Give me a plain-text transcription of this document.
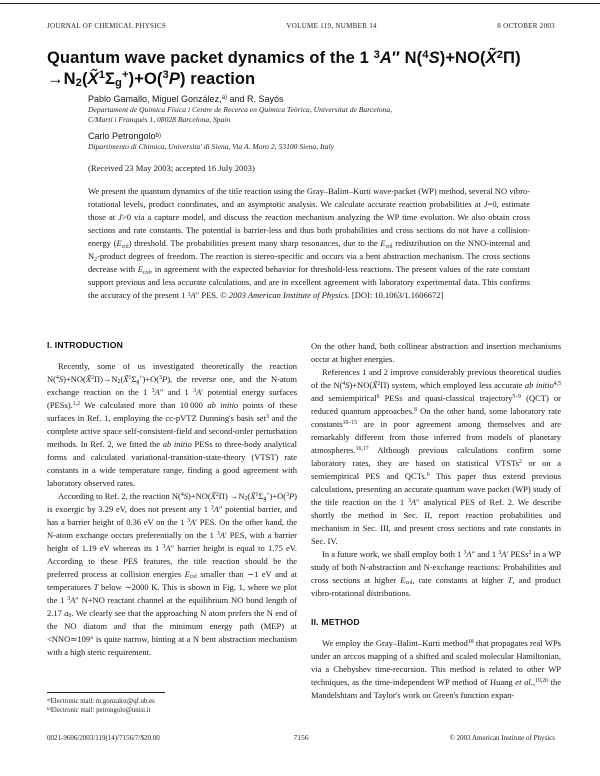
JOURNAL OF CHEMICAL PHYSICS	VOLUME 119, NUMBER 14	8 OCTOBER 2003
Quantum wave packet dynamics of the 1 $^3$A″ N($^4$S)+NO(X̃$^2$Π)
$\to N_2(X̃^1\Sigma_g^+)+O(^3P)$ reaction

Pablo Gamallo, Miguel González,$^{a)}$ and R. Sayós

Departament de Química Física i Centre de Recerca en Química Teòrica, Universitat de Barcelona,

C/Martí i Franquès 1, 08028 Barcelona, Spain

Carlo Petrongolo$^{b)}$

Dipartimento di Chimica, Universita' di Siena, Via A. Moro 2, 53100 Siena, Italy

(Received 23 May 2003; accepted 16 July 2003)

We present the quantum dynamics of the title reaction using the Gray–Balint–Kurti wave-packet (WP) method, several NO vibro-rotational levels, product coordinates, and an asymptotic analysis. We calculate accurate reaction probabilities at J=0, estimate those at J>0 via a capture model, and discuss the reaction mechanism analyzing the WP time evolution. We also obtain cross sections and rate constants. The potential is barrier-less and thus both probabilities and cross sections do not have a collision-energy $(E_{col})$ threshold. The probabilities present many sharp resonances, due to the $E_{col}$ redistribution on the NNO-internal and $N_2$-product degrees of freedom. The reaction is stereo-specific and occurs via a bent abstraction mechanism. The cross sections decrease with $E_{col}$, in agreement with the expected behavior for threshold-less reactions. The present values of the rate constant support previous and less accurate calculations, and are in excellent agreement with laboratory experimental data. This confirms the accuracy of the present 1 $^3$A″ PES. © 2003 American Institute of Physics. [DOI: 10.1063/1.1606672]

I. INTRODUCTION

Recently, some of us investigated theoretically the reaction $N(^4S)+NO(X̃^2\Pi)\to N_2(X̃^1\Sigma_g^+)+O(^3P)$, the reverse one, and the N-atom exchange reaction on the 1 $^3$A″ and 1 $^3$A′ potential energy surfaces (PESs).$^{1,2}$ We calculated more than 10 000 ab initio points of these surfaces in Ref. 1, employing the cc-pVTZ Dunning's basis set$^3$ and the complete active space self-consistent-field and second-order perturbation methods. In Ref. 2, we fitted the ab initio PESs to three-body analytical forms and calculated variational-transition-state-theory (VTST) rate constants in a wide temperature range, finding a good agreement with laboratory observed rates.

According to Ref. 2, the reaction N($^4$S)+NO(X̃$^2$Π) $\to N_2(X̃^1\Sigma_g^+)+O(^3P)$ is exoergic by 3.29 eV, does not present any 1 $^3$A″ potential barrier, and has a barrier height of 0.36 eV on the 1 $^3$A′ PES. On the other hand, the N-atom exchange occurs preferentially on the 1 $^3$A′ PES, with a barrier height of 1.19 eV whereas its 1 $^3$A″ barrier height is equal to 1.75 eV. According to these PES features, the title reaction should be the preferred process at collision energies $E_{col}$ smaller than ∼1 eV and at temperatures T below ∼2000 K. This is shown in Fig. 1, where we plot the 1 $^3$A″ N+NO reactant channel at the equilibrium NO bond length of 2.17 $a_0$. We clearly see that the approaching N atom prefers the N end of the NO diatom and that the minimum energy path (MEP) at <NNO≃109° is quite narrow, hinting at a N bent abstraction mechanism with a high steric requirement.

On the other hand, both collinear abstraction and insertion mechanisms occur at higher energies.

References 1 and 2 improve considerably previous theoretical studies of the N($^4$S)+NO(X̃$^2$Π) system, which employed less accurate ab initio$^{4,5}$ and semiempirical$^6$ PESs and quasi-classical trajectory$^{5-9}$ (QCT) or reduced quantum approaches.$^8$ On the other hand, some laboratory rate constants$^{10-15}$ are in poor agreement among themselves and are remarkably different from those inferred from models of planetary atmospheres.$^{16,17}$ Although previous calculations confirm some laboratory rates, they are based on statistical VTSTs$^2$ or on a semiempirical PES and QCTs.$^6$ This paper thus extend previous calculations, presenting an accurate quantum wave packet (WP) study of the title reaction on the 1 $^3$A″ analytical PES of Ref. 2. We describe shortly the method in Sec. II, report reaction probabilities and mechanism in Sec. III, and present cross sections and rate constants in Sec. IV.

In a future work, we shall employ both 1 $^3$A″ and 1 $^3$A′ PESs$^2$ in a WP study of both N-abstraction and N-exchange reactions: Probabilities and cross sections at higher $E_{col}$, rate constants at higher T, and product vibro-rotational distributions.

II. METHOD

We employ the Gray–Balint–Kurti method$^{18}$ that propagates real WPs under an arccos mapping of a shifted and scaled molecular Hamiltonian, via a Chebyshev time-recursion. This method is related to other WP techniques, as the time-independent WP method of Huang et al.,$^{19,20}$ the Mandelshtam and Taylor's work on Green's function expan-

$^{a)}$Electronic mail: m.gonzalez@qf.ub.es

$^{b)}$Electronic mail: petrongolo@unisi.it

0021-9606/2003/119(14)/7156/7/$20.00	7156	© 2003 American Institute of Physics
